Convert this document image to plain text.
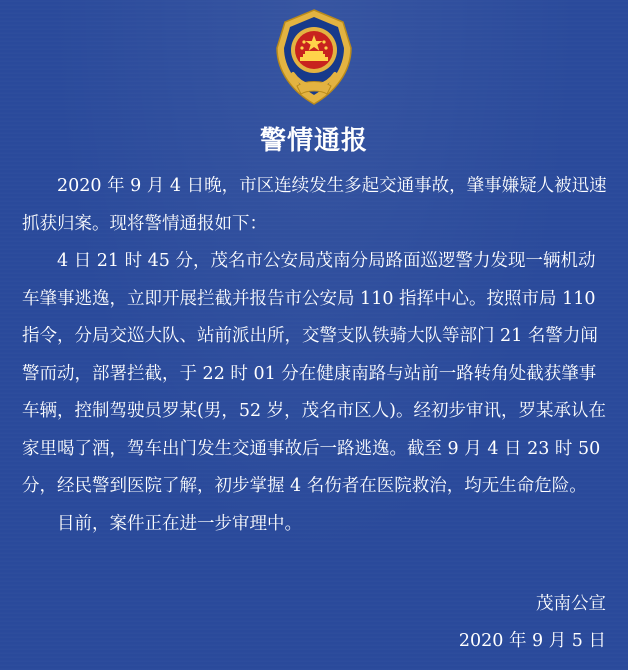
警情通报

2020 年 9 月 4 日晚，市区连续发生多起交通事故，肇事嫌疑人被迅速抓获归案。现将警情通报如下：

4 日 21 时 45 分，茂名市公安局茂南分局路面巡逻警力发现一辆机动车肇事逃逸，立即开展拦截并报告市公安局 110 指挥中心。按照市局 110 指令，分局交巡大队、站前派出所，交警支队铁骑大队等部门 21 名警力闻警而动，部署拦截，于 22 时 01 分在健康南路与站前一路转角处截获肇事车辆，控制驾驶员罗某(男，52 岁，茂名市区人)。经初步审讯，罗某承认在家里喝了酒，驾车出门发生交通事故后一路逃逸。截至 9 月 4 日 23 时 50 分，经民警到医院了解，初步掌握 4 名伤者在医院救治，均无生命危险。

目前，案件正在进一步审理中。

茂南公宣
2020 年 9 月 5 日
